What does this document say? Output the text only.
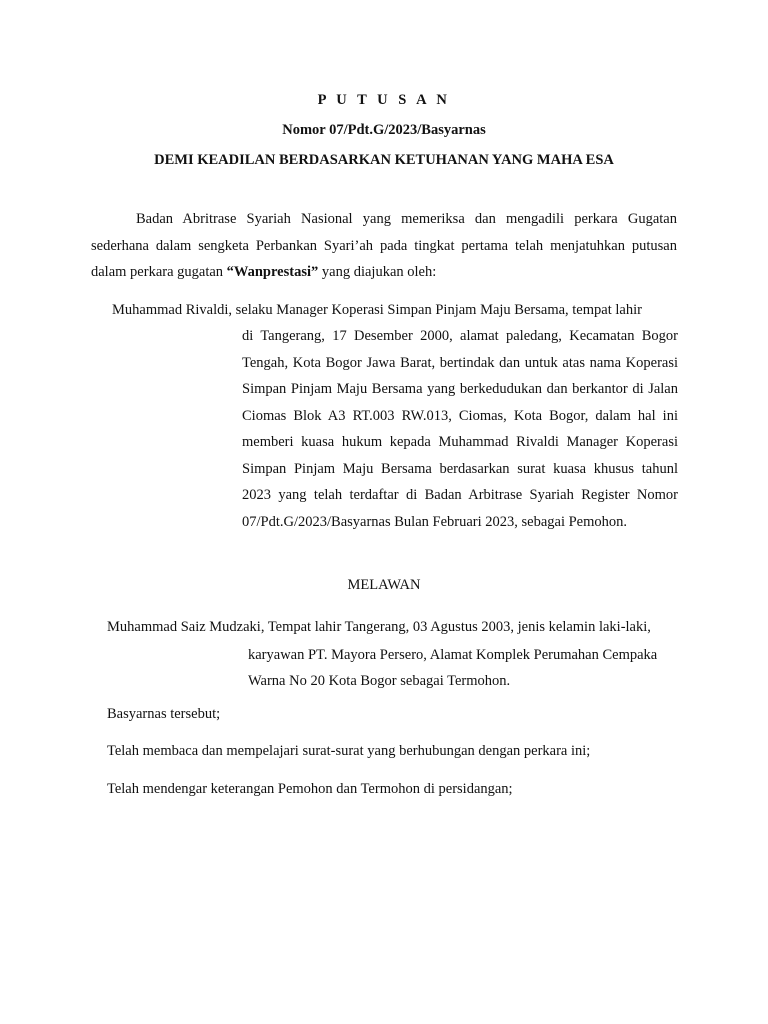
P U T U S A N
Nomor 07/Pdt.G/2023/Basyarnas
DEMI KEADILAN BERDASARKAN KETUHANAN YANG MAHA ESA

Badan Abritrase Syariah Nasional yang memeriksa dan mengadili perkara Gugatan sederhana dalam sengketa Perbankan Syari’ah pada tingkat pertama telah menjatuhkan putusan dalam perkara gugatan “Wanprestasi” yang diajukan oleh:

Muhammad Rivaldi, selaku Manager Koperasi Simpan Pinjam Maju Bersama, tempat lahir

di Tangerang, 17 Desember 2000, alamat paledang, Kecamatan Bogor Tengah, Kota Bogor Jawa Barat, bertindak dan untuk atas nama Koperasi Simpan Pinjam Maju Bersama yang berkedudukan dan berkantor di Jalan Ciomas Blok A3 RT.003 RW.013, Ciomas, Kota Bogor, dalam hal ini memberi kuasa hukum kepada Muhammad Rivaldi Manager Koperasi Simpan Pinjam Maju Bersama berdasarkan surat kuasa khusus tahunl 2023 yang telah terdaftar di Badan Arbitrase Syariah Register Nomor 07/Pdt.G/2023/Basyarnas Bulan Februari 2023, sebagai Pemohon.

MELAWAN

Muhammad Saiz Mudzaki, Tempat lahir Tangerang, 03 Agustus 2003, jenis kelamin laki-laki,

karyawan PT. Mayora Persero, Alamat Komplek Perumahan Cempaka
Warna No 20 Kota Bogor sebagai Termohon.

Basyarnas tersebut;

Telah membaca dan mempelajari surat-surat yang berhubungan dengan perkara ini;

Telah mendengar keterangan Pemohon dan Termohon di persidangan;
